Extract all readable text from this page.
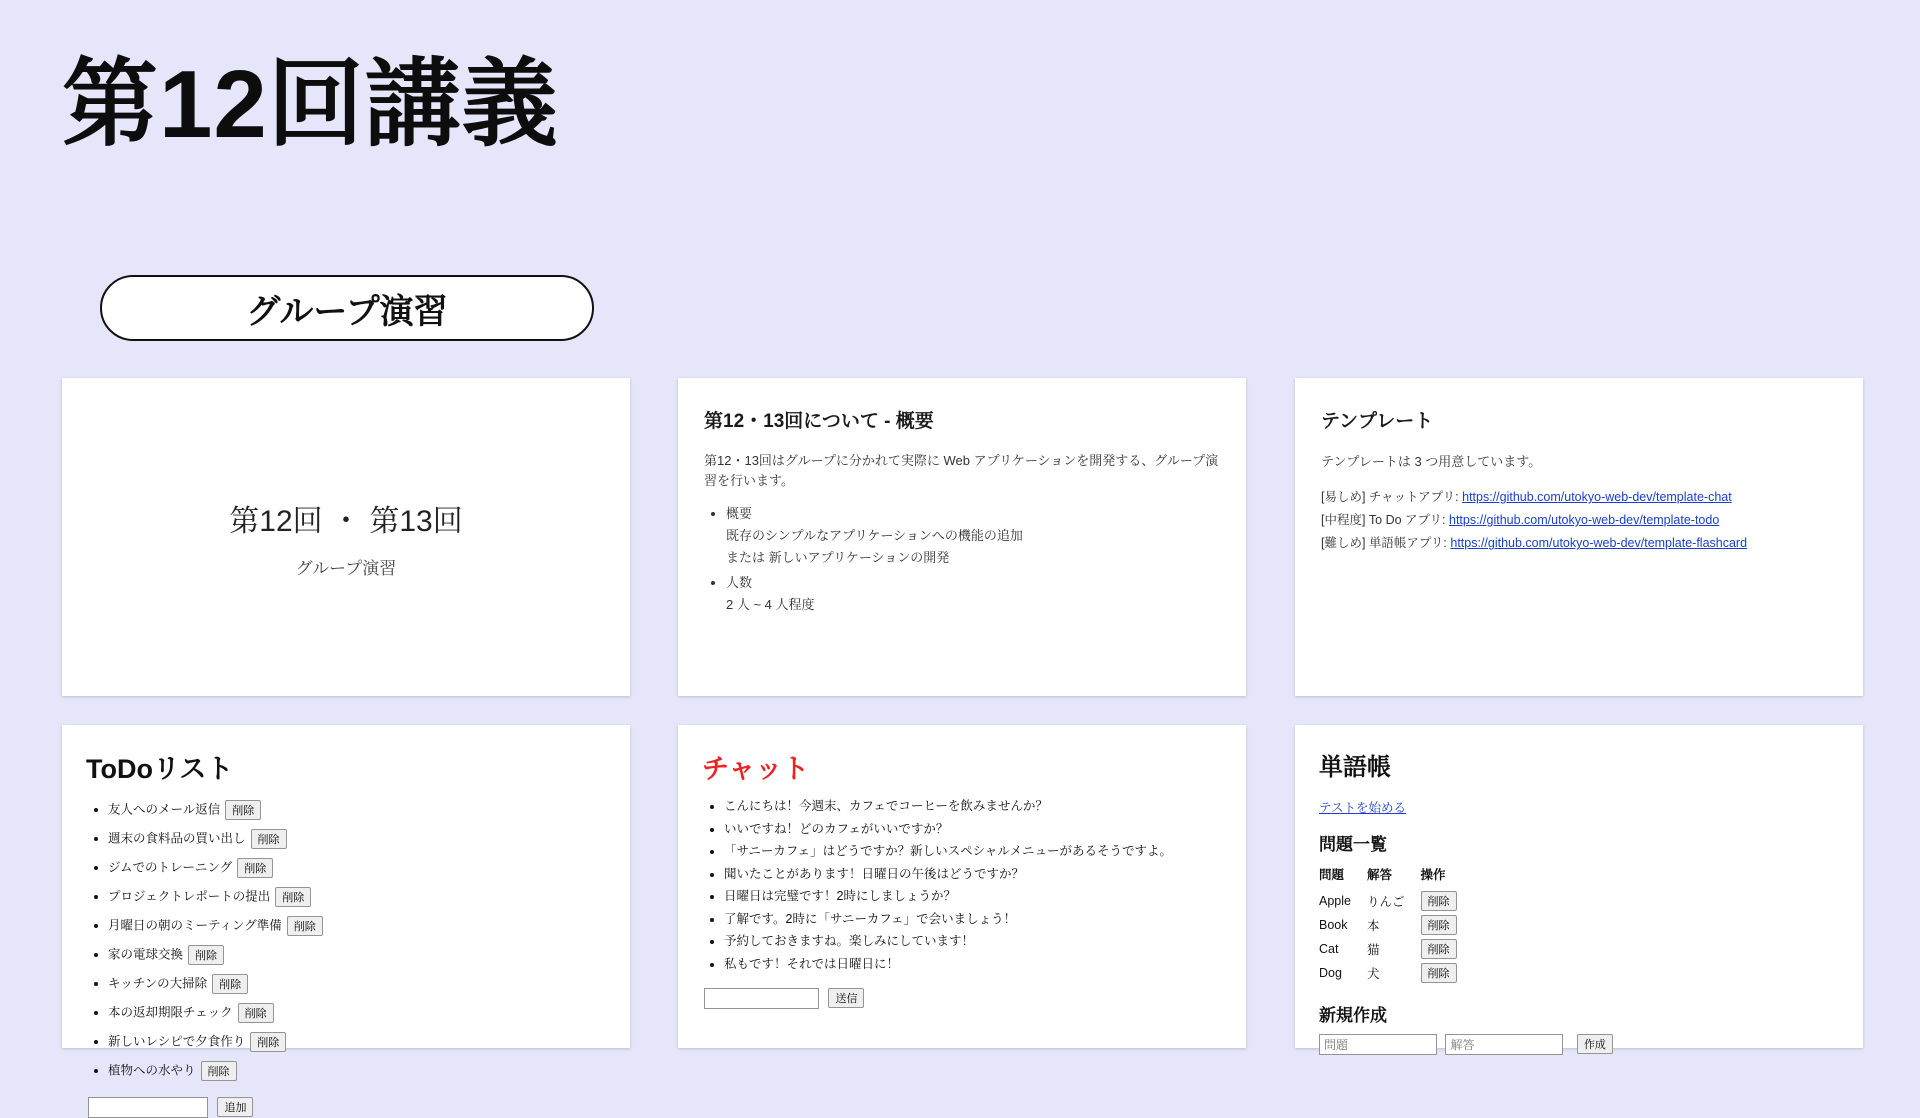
第12回講義
グループ演習
第12回 ・ 第13回
グループ演習
第12・13回について - 概要

第12・13回はグループに分かれて実際に Web アプリケーションを開発する、グループ演習を行います。

• 概要
既存のシンプルなアプリケーションへの機能の追加
または 新しいアプリケーションの開発
• 人数
2 人 ~ 4 人程度
テンプレート

テンプレートは 3 つ用意しています。

[易しめ] チャットアプリ: https://github.com/utokyo-web-dev/template-chat
[中程度] To Do アプリ: https://github.com/utokyo-web-dev/template-todo
[難しめ] 単語帳アプリ: https://github.com/utokyo-web-dev/template-flashcard
ToDoリスト
• 友人へのメール返信 削除
• 週末の食料品の買い出し 削除
• ジムでのトレーニング 削除
• プロジェクトレポートの提出 削除
• 月曜日の朝のミーティング準備 削除
• 家の電球交換 削除
• キッチンの大掃除 削除
• 本の返却期限チェック 削除
• 新しいレシピで夕食作り 削除
• 植物への水やり 削除
追加
チャット
• こんにちは！今週末、カフェでコーヒーを飲みませんか？
• いいですね！どのカフェがいいですか？
• 「サニーカフェ」はどうですか？新しいスペシャルメニューがあるそうですよ。
• 聞いたことがあります！日曜日の午後はどうですか？
• 日曜日は完璧です！2時にしましょうか？
• 了解です。2時に「サニーカフェ」で会いましょう！
• 予約しておきますね。楽しみにしています！
• 私もです！それでは日曜日に！
送信
単語帳
テストを始める
問題一覧
問題	解答	操作
Apple	りんご	削除
Book	本	削除
Cat	猫	削除
Dog	犬	削除
新規作成
問題 解答 作成
